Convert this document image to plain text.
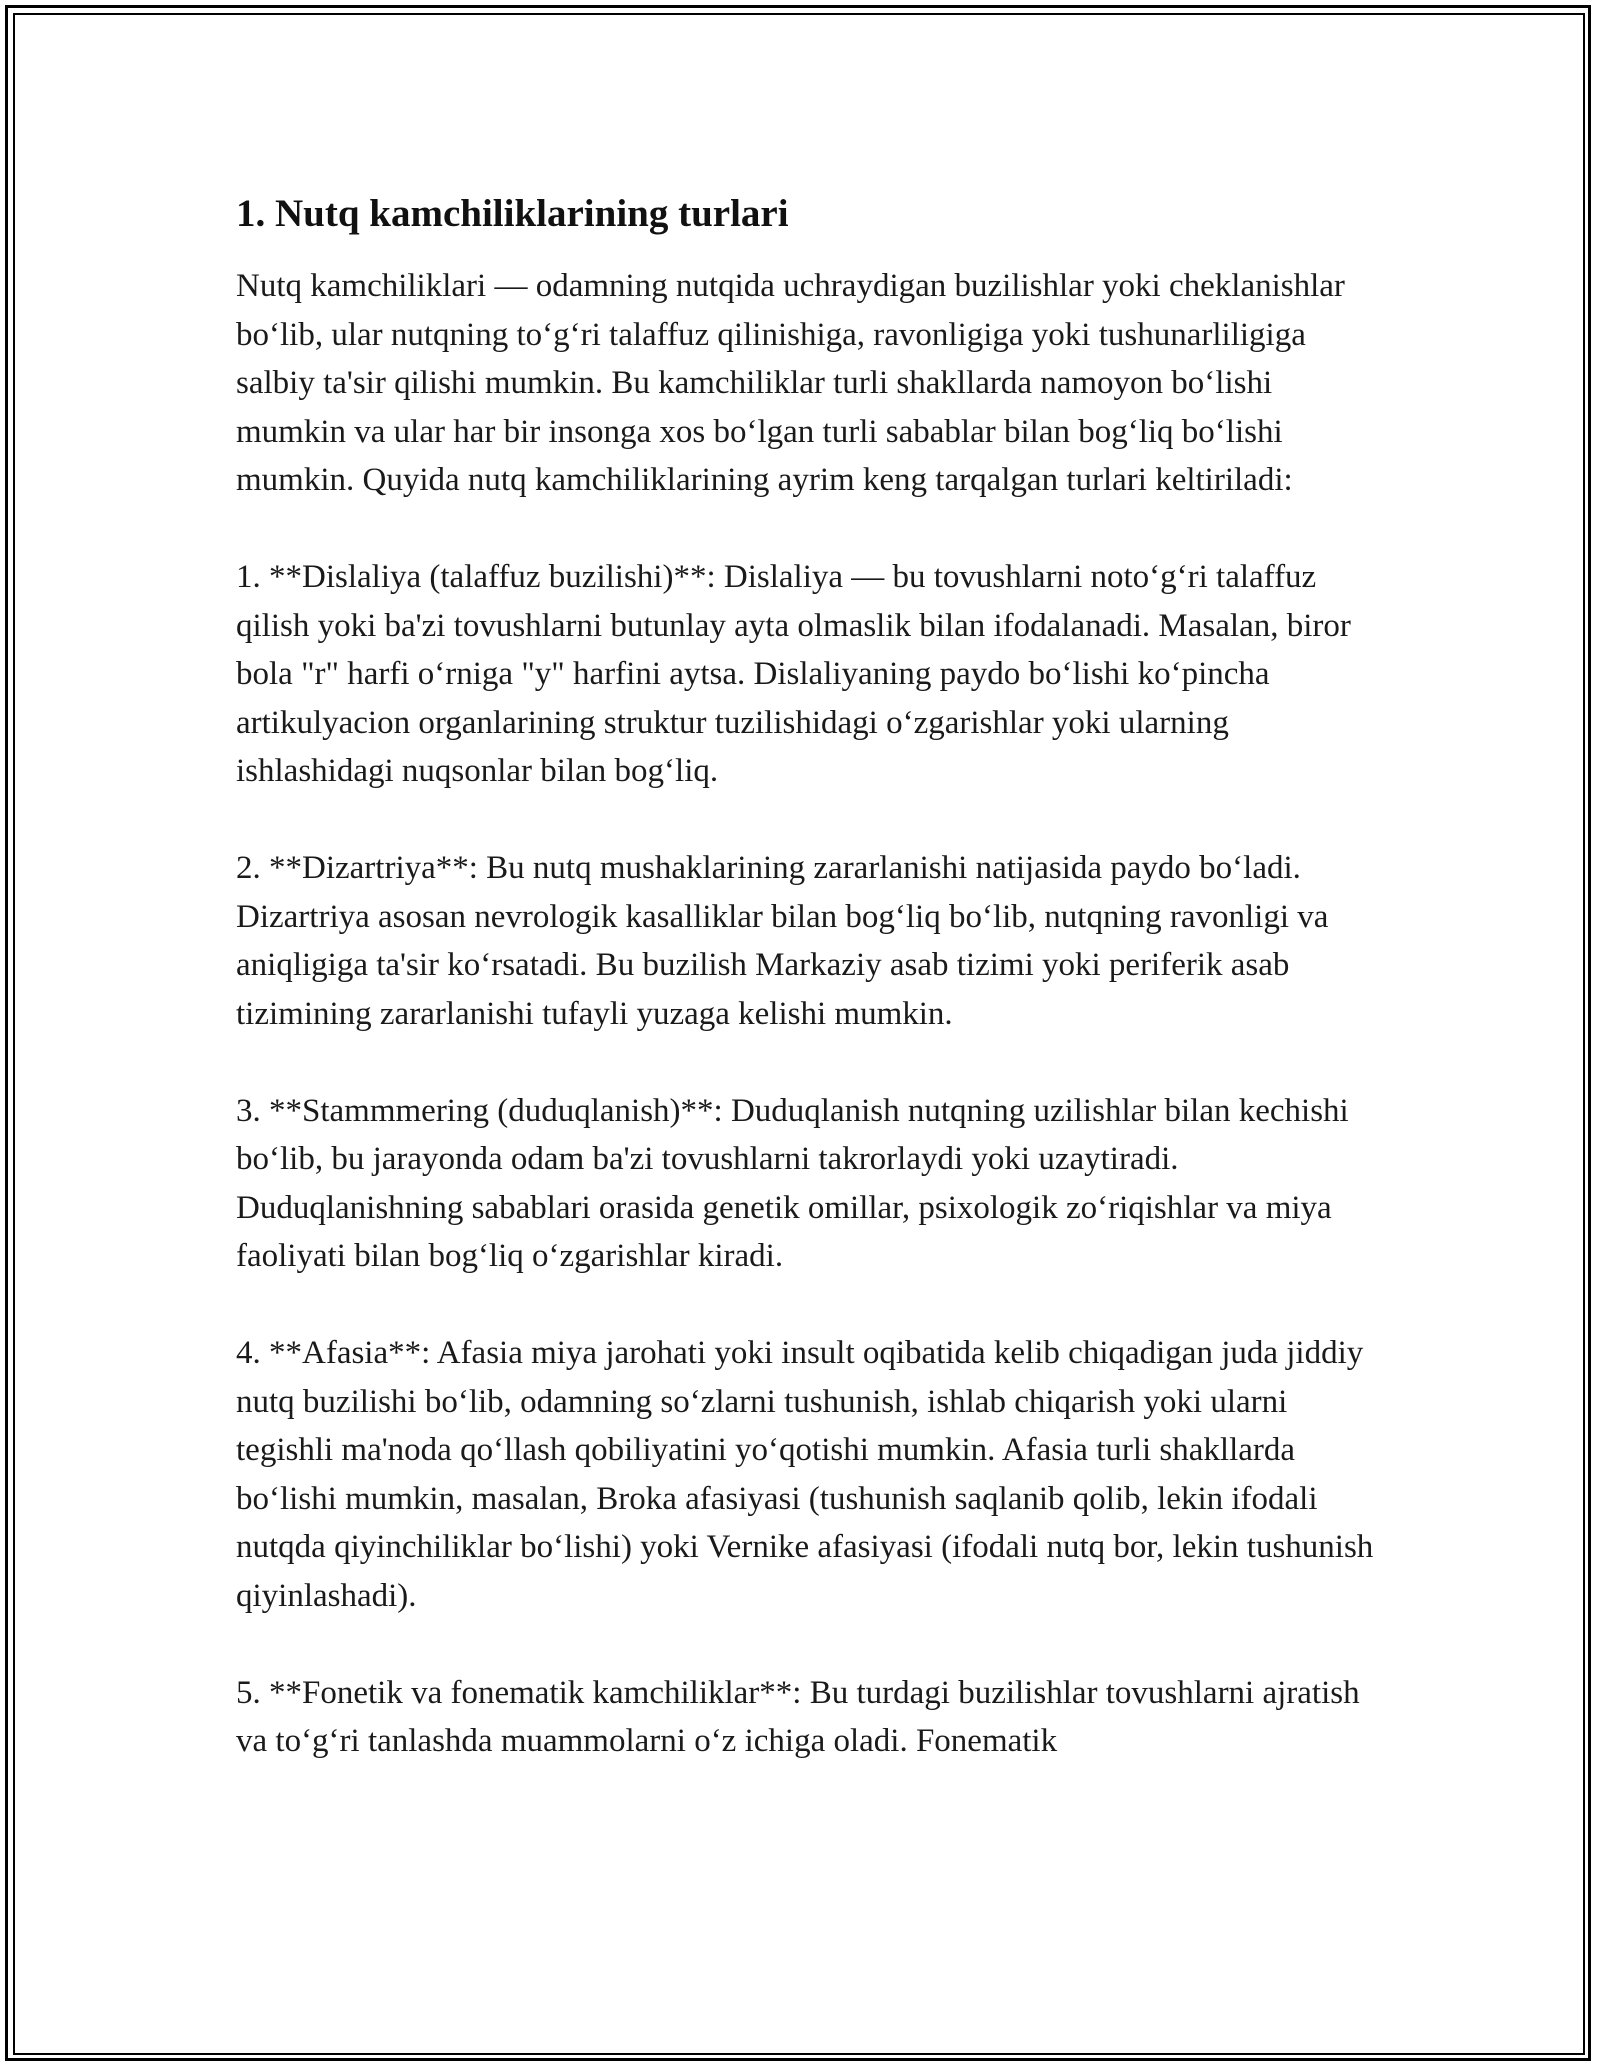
1. Nutq kamchiliklarining turlari

Nutq kamchiliklari — odamning nutqida uchraydigan buzilishlar yoki cheklanishlar bo‘lib, ular nutqning to‘g‘ri talaffuz qilinishiga, ravonligiga yoki tushunarliligiga salbiy ta'sir qilishi mumkin. Bu kamchiliklar turli shakllarda namoyon bo‘lishi mumkin va ular har bir insonga xos bo‘lgan turli sabablar bilan bog‘liq bo‘lishi mumkin. Quyida nutq kamchiliklarining ayrim keng tarqalgan turlari keltiriladi:

1. **Dislaliya (talaffuz buzilishi)**: Dislaliya — bu tovushlarni noto‘g‘ri talaffuz qilish yoki ba'zi tovushlarni butunlay ayta olmaslik bilan ifodalanadi. Masalan, biror bola "r" harfi o‘rniga "y" harfini aytsa. Dislaliyaning paydo bo‘lishi ko‘pincha artikulyacion organlarining struktur tuzilishidagi o‘zgarishlar yoki ularning ishlashidagi nuqsonlar bilan bog‘liq.

2. **Dizartriya**: Bu nutq mushaklarining zararlanishi natijasida paydo bo‘ladi. Dizartriya asosan nevrologik kasalliklar bilan bog‘liq bo‘lib, nutqning ravonligi va aniqligiga ta'sir ko‘rsatadi. Bu buzilish Markaziy asab tizimi yoki periferik asab tizimining zararlanishi tufayli yuzaga kelishi mumkin.

3. **Stammmering (duduqlanish)**: Duduqlanish nutqning uzilishlar bilan kechishi bo‘lib, bu jarayonda odam ba'zi tovushlarni takrorlaydi yoki uzaytiradi. Duduqlanishning sabablari orasida genetik omillar, psixologik zo‘riqishlar va miya faoliyati bilan bog‘liq o‘zgarishlar kiradi.

4. **Afasia**: Afasia miya jarohati yoki insult oqibatida kelib chiqadigan juda jiddiy nutq buzilishi bo‘lib, odamning so‘zlarni tushunish, ishlab chiqarish yoki ularni tegishli ma'noda qo‘llash qobiliyatini yo‘qotishi mumkin. Afasia turli shakllarda bo‘lishi mumkin, masalan, Broka afasiyasi (tushunish saqlanib qolib, lekin ifodali nutqda qiyinchiliklar bo‘lishi) yoki Vernike afasiyasi (ifodali nutq bor, lekin tushunish qiyinlashadi).

5. **Fonetik va fonematik kamchiliklar**: Bu turdagi buzilishlar tovushlarni ajratish va to‘g‘ri tanlashda muammolarni o‘z ichiga oladi. Fonematik
